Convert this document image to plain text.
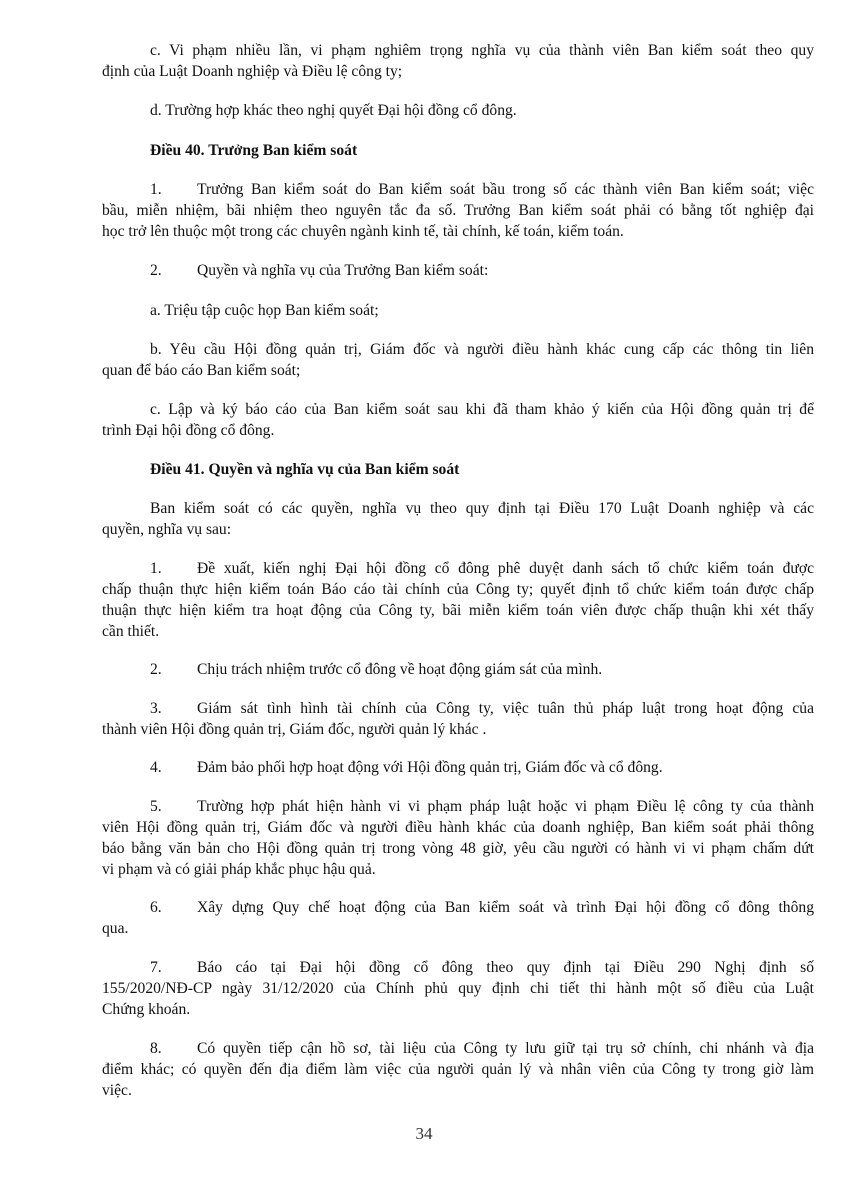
c. Vi phạm nhiều lần, vi phạm nghiêm trọng nghĩa vụ của thành viên Ban kiểm soát theo quy
định của Luật Doanh nghiệp và Điều lệ công ty;
d. Trường hợp khác theo nghị quyết Đại hội đồng cổ đông.
Điều 40. Trưởng Ban kiểm soát
1. Trưởng Ban kiểm soát do Ban kiểm soát bầu trong số các thành viên Ban kiểm soát; việc
bầu, miễn nhiệm, bãi nhiệm theo nguyên tắc đa số. Trưởng Ban kiểm soát phải có bằng tốt nghiệp đại
học trở lên thuộc một trong các chuyên ngành kinh tế, tài chính, kế toán, kiểm toán.
2. Quyền và nghĩa vụ của Trưởng Ban kiểm soát:
a. Triệu tập cuộc họp Ban kiểm soát;
b. Yêu cầu Hội đồng quản trị, Giám đốc và người điều hành khác cung cấp các thông tin liên
quan để báo cáo Ban kiểm soát;
c. Lập và ký báo cáo của Ban kiểm soát sau khi đã tham khảo ý kiến của Hội đồng quản trị để
trình Đại hội đồng cổ đông.
Điều 41. Quyền và nghĩa vụ của Ban kiểm soát
Ban kiểm soát có các quyền, nghĩa vụ theo quy định tại Điều 170 Luật Doanh nghiệp và các
quyền, nghĩa vụ sau:
1. Đề xuất, kiến nghị Đại hội đồng cổ đông phê duyệt danh sách tổ chức kiểm toán được
chấp thuận thực hiện kiểm toán Báo cáo tài chính của Công ty; quyết định tổ chức kiểm toán được chấp
thuận thực hiện kiểm tra hoạt động của Công ty, bãi miễn kiểm toán viên được chấp thuận khi xét thấy
cần thiết.
2. Chịu trách nhiệm trước cổ đông về hoạt động giám sát của mình.
3. Giám sát tình hình tài chính của Công ty, việc tuân thủ pháp luật trong hoạt động của
thành viên Hội đồng quản trị, Giám đốc, người quản lý khác .
4. Đảm bảo phối hợp hoạt động với Hội đồng quản trị, Giám đốc và cổ đông.
5. Trường hợp phát hiện hành vi vi phạm pháp luật hoặc vi phạm Điều lệ công ty của thành
viên Hội đồng quản trị, Giám đốc và người điều hành khác của doanh nghiệp, Ban kiểm soát phải thông
báo bằng văn bản cho Hội đồng quản trị trong vòng 48 giờ, yêu cầu người có hành vi vi phạm chấm dứt
vi phạm và có giải pháp khắc phục hậu quả.
6. Xây dựng Quy chế hoạt động của Ban kiểm soát và trình Đại hội đồng cổ đông thông
qua.
7. Báo cáo tại Đại hội đồng cổ đông theo quy định tại Điều 290 Nghị định số
155/2020/NĐ-CP ngày 31/12/2020 của Chính phủ quy định chi tiết thi hành một số điều của Luật
Chứng khoán.
8. Có quyền tiếp cận hồ sơ, tài liệu của Công ty lưu giữ tại trụ sở chính, chi nhánh và địa
điểm khác; có quyền đến địa điểm làm việc của người quản lý và nhân viên của Công ty trong giờ làm
việc.
34
